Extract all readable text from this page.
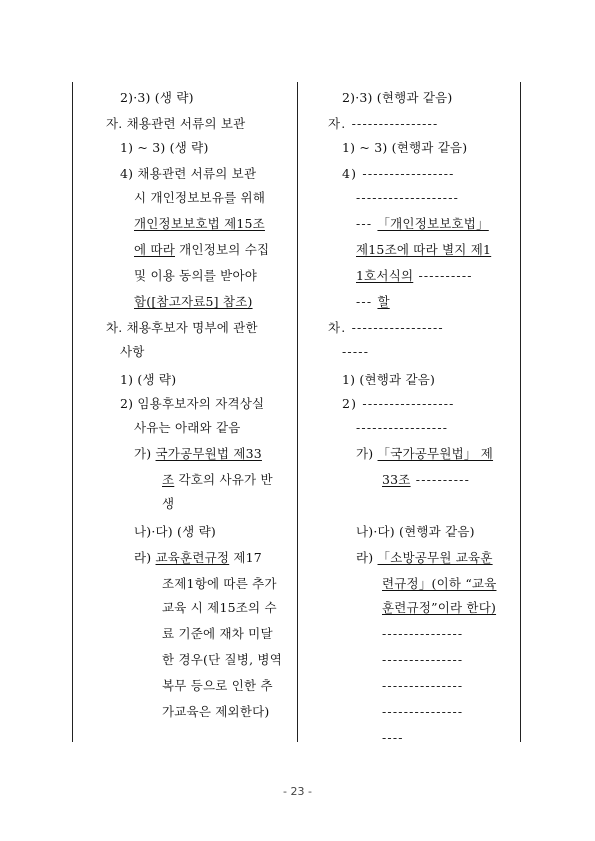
2)·3) (생 략)
자. 채용관련 서류의 보관
1) ~ 3) (생 략)
4) 채용관련 서류의 보관
시 개인정보보유를 위해
개인정보보호법 제15조
에 따라 개인정보의 수집
및 이용 동의를 받아야
함([참고자료5] 참조)
차. 채용후보자 명부에 관한
사항
1) (생 략)
2) 임용후보자의 자격상실
사유는 아래와 같음
가) 국가공무원법 제33
조 각호의 사유가 반
생
나)·다) (생 략)
라) 교육훈련규정 제17
조제1항에 따른 추가
교육 시 제15조의 수
료 기준에 재차 미달
한 경우(단 질병, 병역
복무 등으로 인한 추
가교육은 제외한다)
2)·3) (현행과 같음)
자. ----------------
1) ~ 3) (현행과 같음)
4) -----------------
-------------------
--- 「개인정보보호법」
제15조에 따라 별지 제1
1호서식의 ----------
--- 할
차. -----------------
-----
1) (현행과 같음)
2) -----------------
-----------------
가) 「국가공무원법」 제
33조 ----------
나)·다) (현행과 같음)
라) 「소방공무원 교육훈
련규정」(이하 “교육
훈련규정”이라 한다)
---------------
---------------
---------------
---------------
----
- 23 -
